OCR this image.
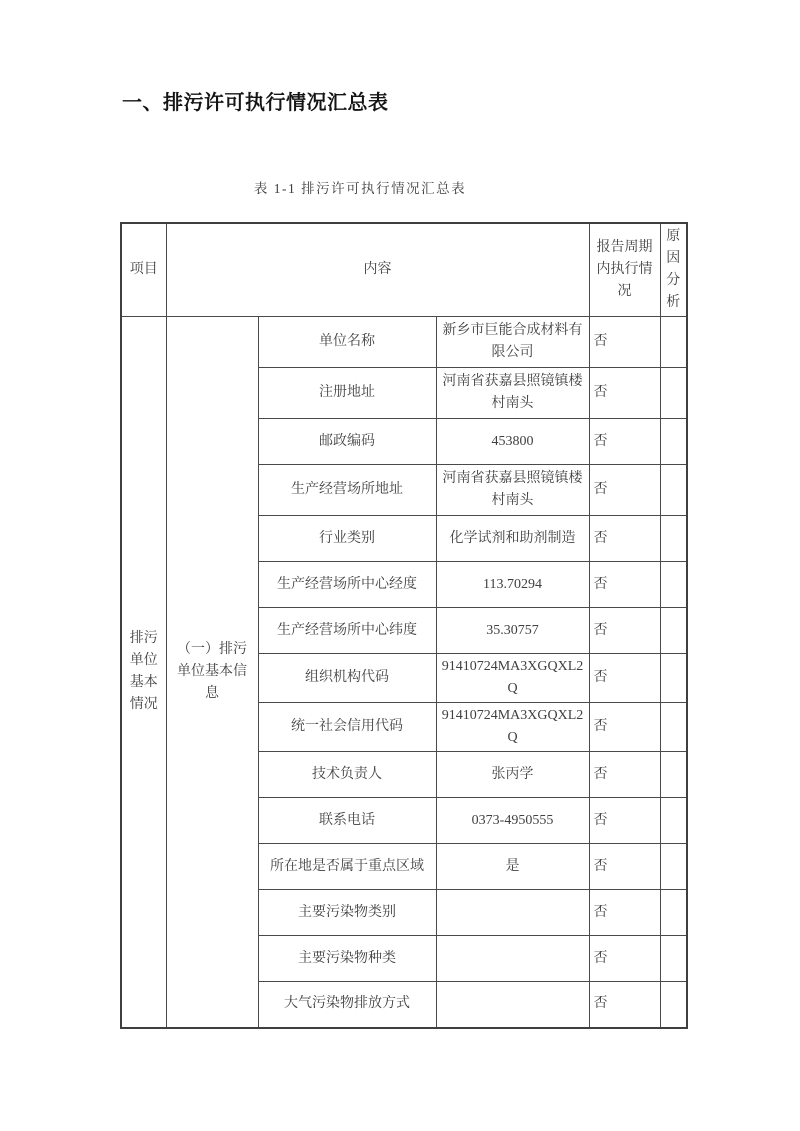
一、排污许可执行情况汇总表
表 1-1 排污许可执行情况汇总表
项目	内容			报告周期内执行情况	原因分析
排污单位基本情况	（一）排污单位基本信息	单位名称	新乡市巨能合成材料有限公司	否	
		注册地址	河南省获嘉县照镜镇楼村南头	否	
		邮政编码	453800	否	
		生产经营场所地址	河南省获嘉县照镜镇楼村南头	否	
		行业类别	化学试剂和助剂制造	否	
		生产经营场所中心经度	113.70294	否	
		生产经营场所中心纬度	35.30757	否	
		组织机构代码	91410724MA3XGQXL2Q	否	
		统一社会信用代码	91410724MA3XGQXL2Q	否	
		技术负责人	张丙学	否	
		联系电话	0373-4950555	否	
		所在地是否属于重点区域	是	否	
		主要污染物类别		否	
		主要污染物种类		否	
		大气污染物排放方式		否	
